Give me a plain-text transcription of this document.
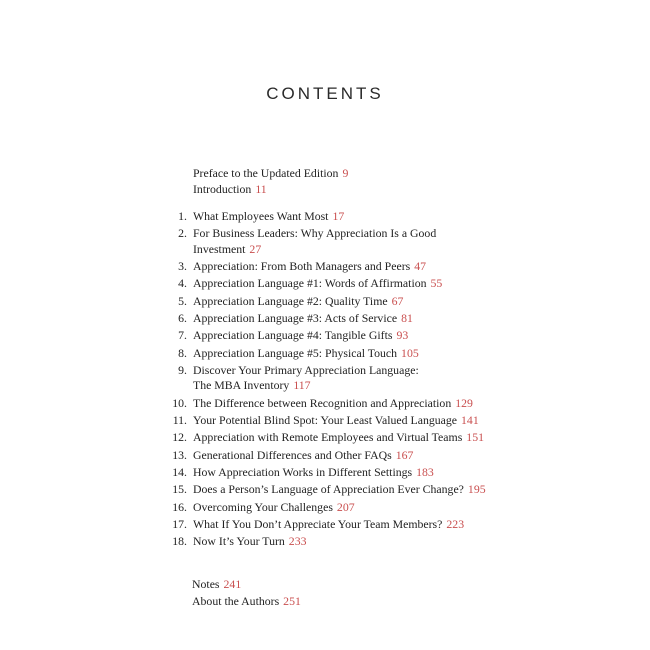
CONTENTS
Preface to the Updated Edition 9
Introduction 11
1. What Employees Want Most 17
2. For Business Leaders: Why Appreciation Is a Good
Investment 27
3. Appreciation: From Both Managers and Peers 47
4. Appreciation Language #1: Words of Affirmation 55
5. Appreciation Language #2: Quality Time 67
6. Appreciation Language #3: Acts of Service 81
7. Appreciation Language #4: Tangible Gifts 93
8. Appreciation Language #5: Physical Touch 105
9. Discover Your Primary Appreciation Language:
The MBA Inventory 117
10. The Difference between Recognition and Appreciation 129
11. Your Potential Blind Spot: Your Least Valued Language 141
12. Appreciation with Remote Employees and Virtual Teams 151
13. Generational Differences and Other FAQs 167
14. How Appreciation Works in Different Settings 183
15. Does a Person’s Language of Appreciation Ever Change? 195
16. Overcoming Your Challenges 207
17. What If You Don’t Appreciate Your Team Members? 223
18. Now It’s Your Turn 233
Notes 241
About the Authors 251
